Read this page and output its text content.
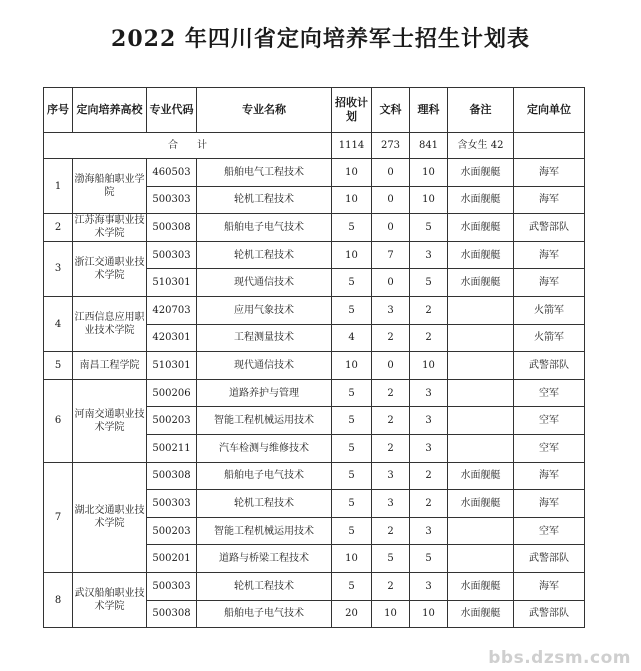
2022 年四川省定向培养军士招生计划表
序号	定向培养高校	专业代码	专业名称	招收计划	文科	理科	备注	定向单位
合      计				1114	273	841	含女生 42	
1	渤海船舶职业学院	460503	船舶电气工程技术	10	0	10	水面舰艇	海军
		500303	轮机工程技术	10	0	10	水面舰艇	海军
2	江苏海事职业技术学院	500308	船舶电子电气技术	5	0	5	水面舰艇	武警部队
3	浙江交通职业技术学院	500303	轮机工程技术	10	7	3	水面舰艇	海军
		510301	现代通信技术	5	0	5	水面舰艇	海军
4	江西信息应用职业技术学院	420703	应用气象技术	5	3	2		火箭军
		420301	工程测量技术	4	2	2		火箭军
5	南昌工程学院	510301	现代通信技术	10	0	10		武警部队
6	河南交通职业技术学院	500206	道路养护与管理	5	2	3		空军
		500203	智能工程机械运用技术	5	2	3		空军
		500211	汽车检测与维修技术	5	2	3		空军
7	湖北交通职业技术学院	500308	船舶电子电气技术	5	3	2	水面舰艇	海军
		500303	轮机工程技术	5	3	2	水面舰艇	海军
		500203	智能工程机械运用技术	5	2	3		空军
		500201	道路与桥梁工程技术	10	5	5		武警部队
8	武汉船舶职业技术学院	500303	轮机工程技术	5	2	3	水面舰艇	海军
		500308	船舶电子电气技术	20	10	10	水面舰艇	武警部队
bbs.dzsm.com
